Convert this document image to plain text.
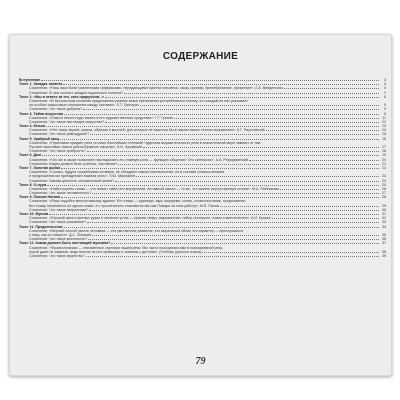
СОДЕРЖАНИЕ
Вступление	3
Текст 1. Загадка таланта	4
Сочинение. «Наш язык богат различными суффиксами, передающими чувства человека: ласку, иронию, пренебрежение, презрение». Л.А. Введенская	5
Сочинение. В чем состоит загадка подлинного таланта?	7
Текст 2. «Мы в ответе за тех, кого приручили...»	8
Сочинение. «В бессоюзном сложном предложении разные знаки препинания употребляются потому, что каждый из них указывает
на особые смысловые отношения между частями». Л.Т. Григорян	9
Сочинение. Что такое доброта?	9
Текст 3. Тайна искусства	9
Сочинение. «Смысл текста надо искать в его художественных средствах». Г.Г. Гранин	11
Сочинение. Что такое настоящее искусство?	12
Текст 4. Юзька	13
Сочинение. «Нет таких звуков, красок, образов и мыслей, для которых не нашлось бы в нашем языке точного выражения». К.Г. Паустовский	14
Сочинение. Что такое равнодушие?	15
Текст 5. Храбрый заяц	16
Сочинение. «Приставка придает речи столько богатейших оттенков! Чудесная выразительность речи в значительной мере зависит от них.
Русские приставки таятся разнообразные смыслы». К.И. Чуковский	17
Сочинение. Что такое храбрость?	18
Текст 6. Дом	19
Сочинение. «Что же в языке позволяет нам выразить его главную роль — функцию общения? Это синтаксис». А.А. Реформатский	20
Сочинение. Каким должен быть учитель, наставник?	21
Текст 7. Золотая рыбка	22
Сочинение. «Союзы, будучи служебными словами, не обладают самостоятельностью, но в составе словосочетания
и предложения им принадлежит важная роль». Л.Ю. Максимов	23
Сочинение. Какова ценность человеческой жизни?	24
Текст 8. О-нуум	25
Сочинение. «Найти корень слова — это значит найти его внутренний, интимный смысл — то же, что заметь внутри фонаря огонек». М.А. Рыбникова	26
Сочинение. Что такое человечность?	27
Текст 9. Поиски Натали	28
Сочинение. «Язык подобен многоэтажному зданию. Его этажи — единицы: звук, морфема, слово, словосочетание, предложение.
Вот пожар начинается на одном этаже, а с прочитанного становится им сам Пожара за сочи работу». М.В. Панов	29
Сочинение. Что такое патриотизм?	30
Текст 10. Мусика	31
Сочинение. «Русский язык в умелых руках и опытных устах — красив, певуч, выразителен, гибок, послушен, ловок и вместителен». А.И. Куприн	32
Сочинение. Что такое раскаяние?	33
Текст 11. Предательство	34
Сочинение. «Верный способ узнать человека — его умственное развитие, его моральный облик, его характер — прислушаться
к тому, как он говорит». Д.С. Лихачев	35
Сочинение. Что такое жестокость?	36
Текст 12. Каким должен быть настоящий мужчина?	37
Сочинение. «Фразеологизмы — неизменные спутники нашей речи. Мы часто пользуемся ими в повседневной речи,
порой даже не замечая, ведь многие из них привычны и знакомы с детства». (Учебник русского языка)	38
Сочинение. Что такое мужество?	39
79
